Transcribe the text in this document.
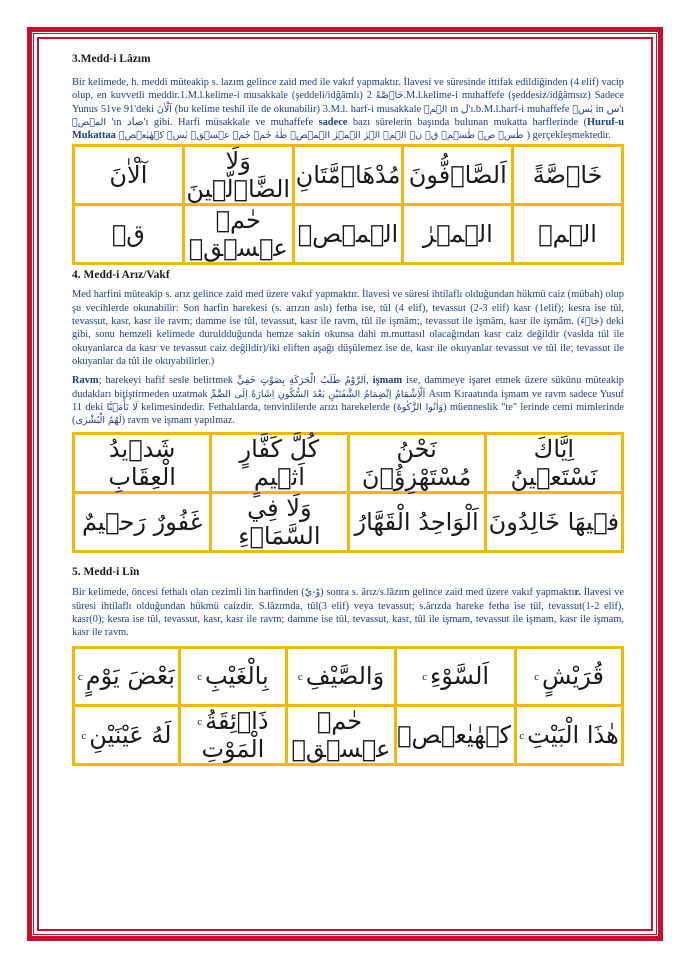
3.Medd-i Lâzım

Bir kelimede, h. meddi müteakip s. lazım gelince zaid med ile vakıf yapmaktır. İlavesi ve süresinde ittifak edildiğinden (4 elif) vacip olup, en kuvvetli meddir.1.M.l.kelime-i musakkale (şeddeli/idğâmlı) خَاۤصَّةً 2.M.l.kelime-i muhaffefe (şeddesiz/idğâmsız) Sadece Yunus 51ve 91'deki آلْاٰنَ (bu kelime teshil ile de okunabilir) 3.M.l. harf-i musakkale الۤمۤ ın ل'ı.b.M.l.harf-i muhaffefe يٰسۤ in س'ı المۤصۤ 'ın صاد'ı gibi. Harfi müsakkale ve muhaffefe sadece bazı sûrelerin başında bulunan mukatta harflerinde (Huruf-u Mukattaa طٰسۤ صۤ طٰسۤمۤ قۤ نۤ الۤمۤ الۤرٰ الۤمۤرٰ الۤمۤصۤ طٰهٰ حٰمۤ حٰمۤ عۤسۤقۤ يٰسۤ كۤهٰيٰعۤصۤ ) gerçekleşmektedir.

آلْاٰنَ	وَلَا الضَّاۤلّ۪ينَ	مُدْهَاۤمَّتَانِ	اَلصَّاۤفُّونَ	خَاۤصَّةً
قۤ	حٰمۤ عۤسۤقۤ	الۤمۤصۤ	الۤمۤرٰ	الۤمۤ
4. Medd-i Arız/Vakf

Med harfini müteakip s. arız gelince zaid med üzere vakıf yapmaktır. İlavesi ve süresi ihtilaflı olduğundan hükmü caiz (mübah) olup şu vecihlerde okunabilir: Son harfin harekesi (s. arızın aslı) fetha ise, tûl (4 elif), tevassut (2-3 elif) kasr (1elif); kesra ise tûl, tevassut, kasr, kasr ile ravm; damme ise tûl, tevassut, kasr ile ravm, tûl ile işmâm;, tevassut ile işmâm, kasr ile işmâm. (جَاۤءَ) deki gibi, sonu hemzeli kelimede duruldduğunda hemze sakin okunsa dahi m.muttasıl olacağından kasr caiz değildir (vaslda tûl ile okuyanlarca da kasr ve tevassut caiz değildir)/iki eliften aşağı düşülemez ise de, kasr ile okuyanlar tevassut ve tûl ile; tevassut ile okuyanlar da tûl ile okuyabilirler.)

Ravm; harekeyi hafif sesle belirtmek اَلرَّوْمُ طَلَبُ الْحَرَكَةِ بِصَوْتٍ خَفِيٍّ, işmam ise, dammeye işaret etmek üzere sükûnu müteakip dudakları bitiştirmeden uzatmak اَلْاِشْمَامُ اِنْضِمَامُ الشَّفَتَيْنِ بَعْدَ السُّكُونِ اِشَارَةً اِلَى الضَّمِّ Asım Kıraatında işmam ve ravm sadece Yusuf 11 deki لَا تَأْمَ۫نَّا kelimesindedir. Fethalılarda, tenvinlilerde arızı harekelerde (وَاٰتُوا الزَّكٰوةَ) müenneslik "te" lerinde cemi mimlerinde (لَهُمُ الْبُشْرٰى) ravm ve işmam yapılmaz.

شَد۪يدُ الْعِقَابِ	كُلَّ كَفَّارٍ اَث۪يمٍ	نَحْنُ مُسْتَهْزِؤُ۫نَ	اِيَّاكَ نَسْتَع۪ينُ
غَفُورٌ رَح۪يمٌ	وَلَا فِي السَّمَاۤءِ	اَلْوَاحِدُ الْقَهَّارُ	ف۪يهَا خَالِدُونَ
5. Medd-i Lîn

Bir kelimede, öncesi fethalı olan cezimli lin harfinden (وْ-يْ) sonra s. ârız/s.lâzım gelince zaid med üzere vakıf yapmaktır. İlavesi ve süresi ihtilaflı olduğundan hükmü caizdir. S.lâzımda, tûl(3 elif) veya tevassut; s.ârızda hareke fetha ise tûl, tevassut(1-2 elif), kasr(0); kesra ise tûl, tevassut, kasr, kasr ile ravm; damme ise tûl, tevassut, kasr, tûl ile işmam, tevassut ile işmam, kasr ile işmam, kasr ile ravm.

c بَعْضَ يَوْمٍ	c بِالْغَيْبِ	c وَالصَّيْفِ	c اَلسَّوْءِ	c قُرَيْشٍ
c لَهُ عَيْنَيْنِ	c ذَاۤئِقَةُ الْمَوْتِ	حٰمۤ عۤسۤقۤ	كۤهٰيٰعۤصۤ	c هٰذَا الْبَيْتِ
